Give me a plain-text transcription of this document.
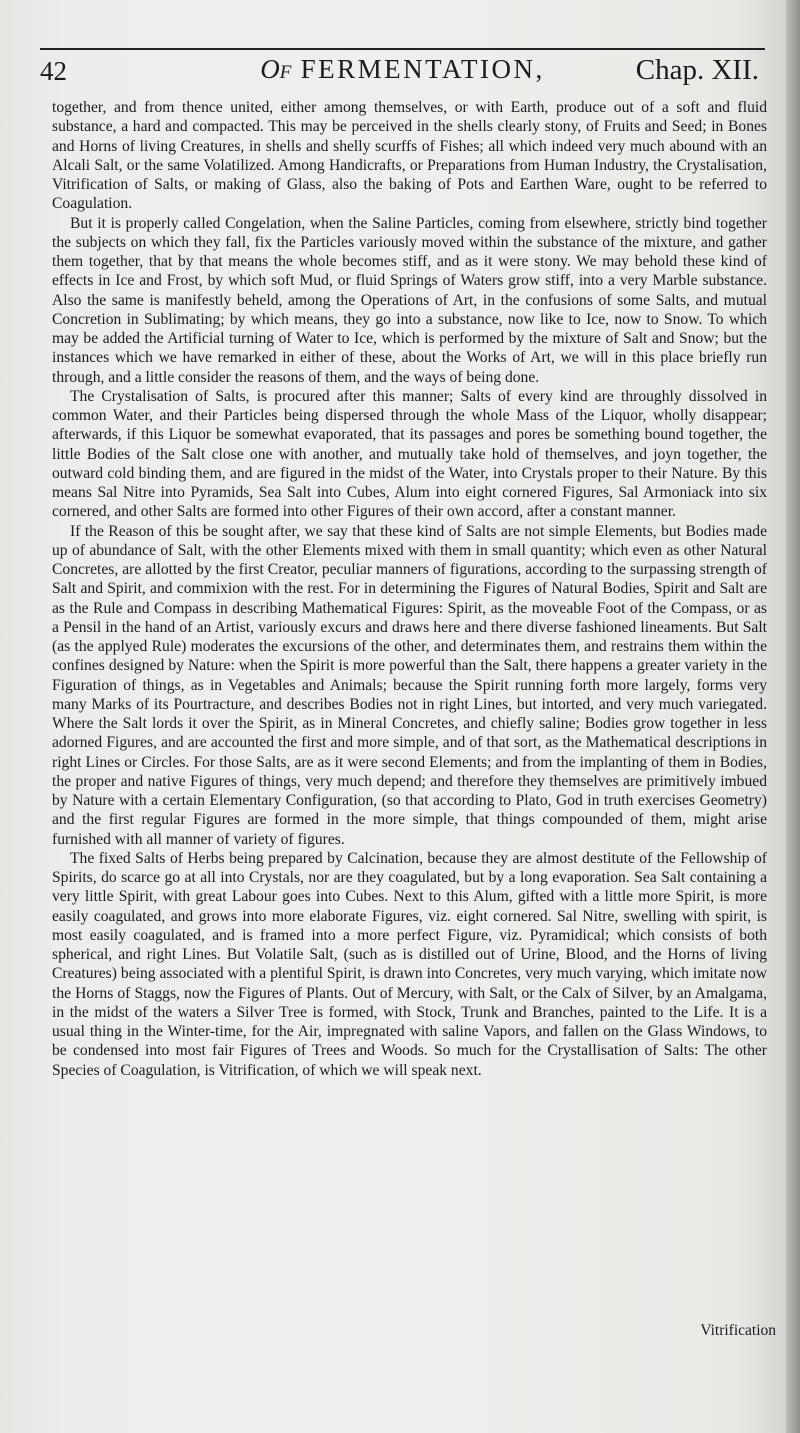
42	Of FERMENTATION,	Chap. XII.

together, and from thence united, either among themselves, or with Earth, produce out of a soft and fluid substance, a hard and compacted. This may be perceived in the shells clearly stony, of Fruits and Seed; in Bones and Horns of living Creatures, in shells and shelly scurffs of Fishes; all which indeed very much abound with an Alcali Salt, or the same Volatilized. Among Handicrafts, or Preparations from Human Industry, the Crystalisation, Vitrification of Salts, or making of Glass, also the baking of Pots and Earthen Ware, ought to be referred to Coagulation.

But it is properly called Congelation, when the Saline Particles, coming from elsewhere, strictly bind together the subjects on which they fall, fix the Particles variously moved within the substance of the mixture, and gather them together, that by that means the whole becomes stiff, and as it were stony. We may behold these kind of effects in Ice and Frost, by which soft Mud, or fluid Springs of Waters grow stiff, into a very Marble substance. Also the same is manifestly beheld, among the Operations of Art, in the confusions of some Salts, and mutual Concretion in Sublimating; by which means, they go into a substance, now like to Ice, now to Snow. To which may be added the Artificial turning of Water to Ice, which is performed by the mixture of Salt and Snow; but the instances which we have remarked in either of these, about the Works of Art, we will in this place briefly run through, and a little consider the reasons of them, and the ways of being done.

The Crystalisation of Salts, is procured after this manner; Salts of every kind are throughly dissolved in common Water, and their Particles being dispersed through the whole Mass of the Liquor, wholly disappear; afterwards, if this Liquor be somewhat evaporated, that its passages and pores be something bound together, the little Bodies of the Salt close one with another, and mutually take hold of themselves, and joyn together, the outward cold binding them, and are figured in the midst of the Water, into Crystals proper to their Nature. By this means Sal Nitre into Pyramids, Sea Salt into Cubes, Alum into eight cornered Figures, Sal Armoniack into six cornered, and other Salts are formed into other Figures of their own accord, after a constant manner.

If the Reason of this be sought after, we say that these kind of Salts are not simple Elements, but Bodies made up of abundance of Salt, with the other Elements mixed with them in small quantity; which even as other Natural Concretes, are allotted by the first Creator, peculiar manners of figurations, according to the surpassing strength of Salt and Spirit, and commixion with the rest. For in determining the Figures of Natural Bodies, Spirit and Salt are as the Rule and Compass in describing Mathematical Figures: Spirit, as the moveable Foot of the Compass, or as a Pensil in the hand of an Artist, variously excurs and draws here and there diverse fashioned lineaments. But Salt (as the applyed Rule) moderates the excursions of the other, and determinates them, and restrains them within the confines designed by Nature: when the Spirit is more powerful than the Salt, there happens a greater variety in the Figuration of things, as in Vegetables and Animals; because the Spirit running forth more largely, forms very many Marks of its Pourtracture, and describes Bodies not in right Lines, but intorted, and very much variegated. Where the Salt lords it over the Spirit, as in Mineral Concretes, and chiefly saline; Bodies grow together in less adorned Figures, and are accounted the first and more simple, and of that sort, as the Mathematical descriptions in right Lines or Circles. For those Salts, are as it were second Elements; and from the implanting of them in Bodies, the proper and native Figures of things, very much depend; and therefore they themselves are primitively imbued by Nature with a certain Elementary Configuration, (so that according to Plato, God in truth exercises Geometry) and the first regular Figures are formed in the more simple, that things compounded of them, might arise furnished with all manner of variety of figures.

The fixed Salts of Herbs being prepared by Calcination, because they are almost destitute of the Fellowship of Spirits, do scarce go at all into Crystals, nor are they coagulated, but by a long evaporation. Sea Salt containing a very little Spirit, with great Labour goes into Cubes. Next to this Alum, gifted with a little more Spirit, is more easily coagulated, and grows into more elaborate Figures, viz. eight cornered. Sal Nitre, swelling with spirit, is most easily coagulated, and is framed into a more perfect Figure, viz. Pyramidical; which consists of both spherical, and right Lines. But Volatile Salt, (such as is distilled out of Urine, Blood, and the Horns of living Creatures) being associated with a plentiful Spirit, is drawn into Concretes, very much varying, which imitate now the Horns of Staggs, now the Figures of Plants. Out of Mercury, with Salt, or the Calx of Silver, by an Amalgama, in the midst of the waters a Silver Tree is formed, with Stock, Trunk and Branches, painted to the Life. It is a usual thing in the Winter-time, for the Air, impregnated with saline Vapors, and fallen on the Glass Windows, to be condensed into most fair Figures of Trees and Woods. So much for the Crystallisation of Salts: The other Species of Coagulation, is Vitrification, of which we will speak next.

Vitrification
